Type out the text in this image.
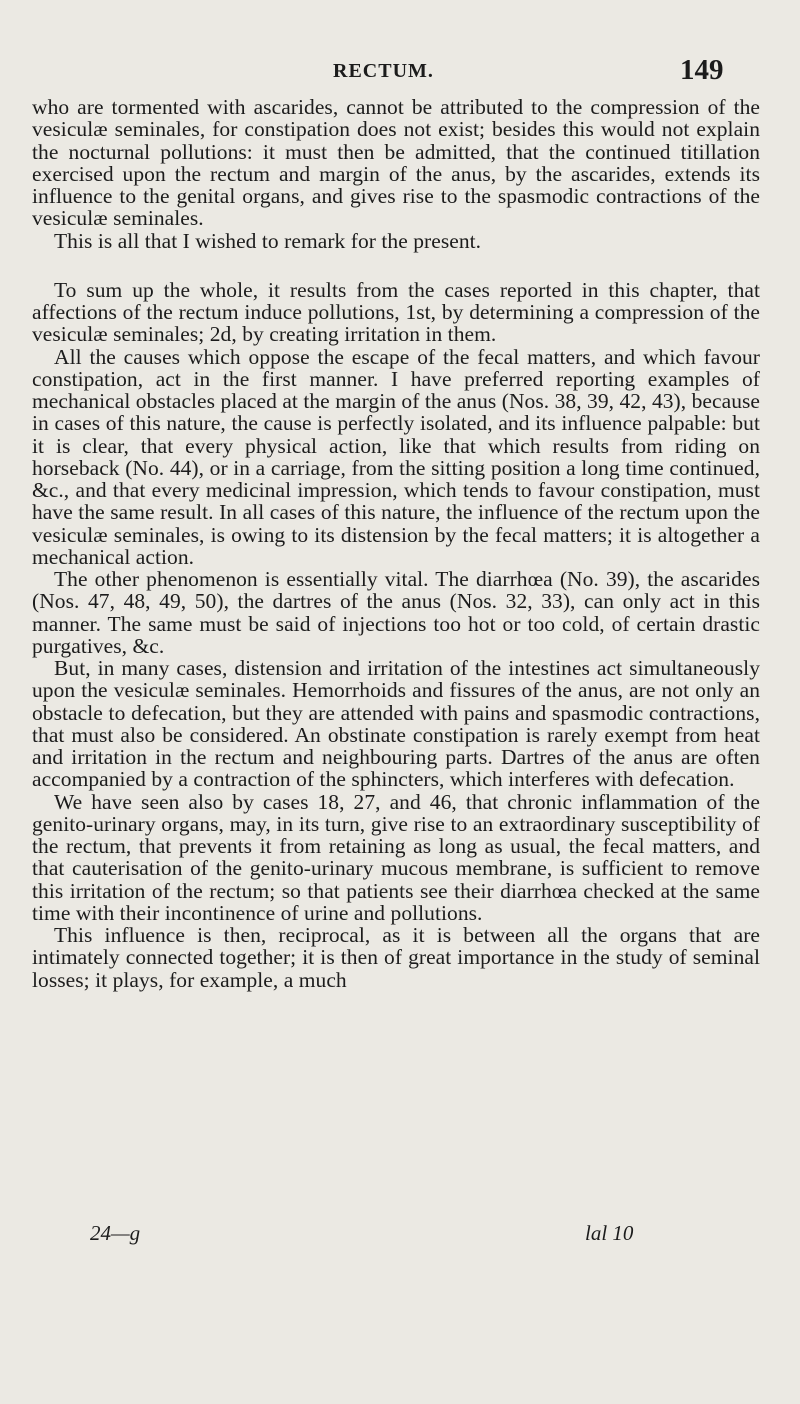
RECTUM.	149

who are tormented with ascarides, cannot be attributed to the compression of the vesiculæ seminales, for constipation does not exist; besides this would not explain the nocturnal pollutions: it must then be admitted, that the continued titillation exercised upon the rectum and margin of the anus, by the ascarides, extends its influence to the genital organs, and gives rise to the spasmodic contractions of the vesiculæ seminales.

This is all that I wished to remark for the present.

To sum up the whole, it results from the cases reported in this chapter, that affections of the rectum induce pollutions, 1st, by determining a compression of the vesiculæ seminales; 2d, by creating irritation in them.

All the causes which oppose the escape of the fecal matters, and which favour constipation, act in the first manner. I have preferred reporting examples of mechanical obstacles placed at the margin of the anus (Nos. 38, 39, 42, 43), because in cases of this nature, the cause is perfectly isolated, and its influence palpable: but it is clear, that every physical action, like that which results from riding on horseback (No. 44), or in a carriage, from the sitting position a long time continued, &c., and that every medicinal impression, which tends to favour constipation, must have the same result. In all cases of this nature, the influence of the rectum upon the vesiculæ seminales, is owing to its distension by the fecal matters; it is altogether a mechanical action.

The other phenomenon is essentially vital. The diarrhœa (No. 39), the ascarides (Nos. 47, 48, 49, 50), the dartres of the anus (Nos. 32, 33), can only act in this manner. The same must be said of injections too hot or too cold, of certain drastic purgatives, &c.

But, in many cases, distension and irritation of the intestines act simultaneously upon the vesiculæ seminales. Hemorrhoids and fissures of the anus, are not only an obstacle to defecation, but they are attended with pains and spasmodic contractions, that must also be considered. An obstinate constipation is rarely exempt from heat and irritation in the rectum and neighbouring parts. Dartres of the anus are often accompanied by a contraction of the sphincters, which interferes with defecation.

We have seen also by cases 18, 27, and 46, that chronic inflammation of the genito-urinary organs, may, in its turn, give rise to an extraordinary susceptibility of the rectum, that prevents it from retaining as long as usual, the fecal matters, and that cauterisation of the genito-urinary mucous membrane, is sufficient to remove this irritation of the rectum; so that patients see their diarrhœa checked at the same time with their incontinence of urine and pollutions.

This influence is then, reciprocal, as it is between all the organs that are intimately connected together; it is then of great importance in the study of seminal losses; it plays, for example, a much

24—g	lal 10
